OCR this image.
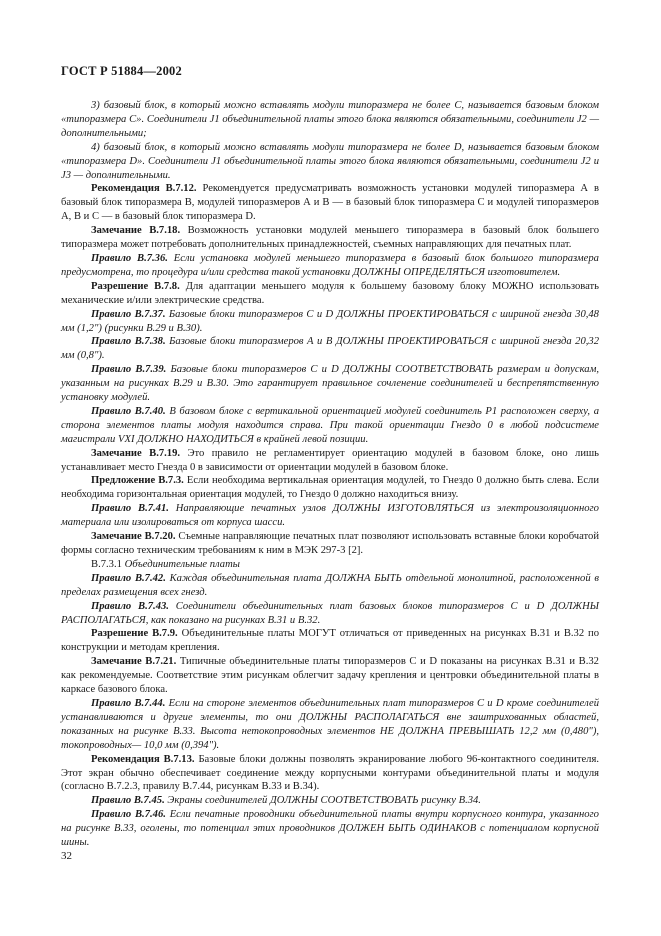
ГОСТ Р 51884—2002

3) базовый блок, в который можно вставлять модули типоразмера не более С, называется базовым блоком «типоразмера С». Соединители J1 объединительной платы этого блока являются обязательными, соединители J2 — дополнительными;

4) базовый блок, в который можно вставлять модули типоразмера не более D, называется базовым блоком «типоразмера D». Соединители J1 объединительной платы этого блока являются обязательными, соединители J2 и J3 — дополнительными.

Рекомендация В.7.12. Рекомендуется предусматривать возможность установки модулей типоразмера А в базовый блок типоразмера В, модулей типоразмеров А и В — в базовый блок типоразмера С и модулей типоразмеров А, В и С — в базовый блок типоразмера D.

Замечание В.7.18. Возможность установки модулей меньшего типоразмера в базовый блок большего типоразмера может потребовать дополнительных принадлежностей, съемных направляющих для печатных плат.

Правило В.7.36. Если установка модулей меньшего типоразмера в базовый блок большого типоразмера предусмотрена, то процедура и/или средства такой установки ДОЛЖНЫ ОПРЕДЕЛЯТЬСЯ изготовителем.

Разрешение В.7.8. Для адаптации меньшего модуля к большему базовому блоку МОЖНО использовать механические и/или электрические средства.

Правило В.7.37. Базовые блоки типоразмеров С и D ДОЛЖНЫ ПРОЕКТИРОВАТЬСЯ с шириной гнезда 30,48 мм (1,2") (рисунки В.29 и В.30).

Правило В.7.38. Базовые блоки типоразмеров А и В ДОЛЖНЫ ПРОЕКТИРОВАТЬСЯ с шириной гнезда 20,32 мм (0,8").

Правило В.7.39. Базовые блоки типоразмеров С и D ДОЛЖНЫ СООТВЕТСТВОВАТЬ размерам и допускам, указанным на рисунках В.29 и В.30. Это гарантирует правильное сочленение соединителей и беспрепятственную установку модулей.

Правило В.7.40. В базовом блоке с вертикальной ориентацией модулей соединитель Р1 расположен сверху, а сторона элементов платы модуля находится справа. При такой ориентации Гнездо 0 в любой подсистеме магистрали VXI ДОЛЖНО НАХОДИТЬСЯ в крайней левой позиции.

Замечание В.7.19. Это правило не регламентирует ориентацию модулей в базовом блоке, оно лишь устанавливает место Гнезда 0 в зависимости от ориентации модулей в базовом блоке.

Предложение В.7.3. Если необходима вертикальная ориентация модулей, то Гнездо 0 должно быть слева. Если необходима горизонтальная ориентация модулей, то Гнездо 0 должно находиться внизу.

Правило В.7.41. Направляющие печатных узлов ДОЛЖНЫ ИЗГОТОВЛЯТЬСЯ из электроизоляционного материала или изолироваться от корпуса шасси.

Замечание В.7.20. Съемные направляющие печатных плат позволяют использовать вставные блоки коробчатой формы согласно техническим требованиям к ним в МЭК 297-3 [2].

В.7.3.1 Объединительные платы

Правило В.7.42. Каждая объединительная плата ДОЛЖНА БЫТЬ отдельной монолитной, расположенной в пределах размещения всех гнезд.

Правило В.7.43. Соединители объединительных плат базовых блоков типоразмеров С и D ДОЛЖНЫ РАСПОЛАГАТЬСЯ, как показано на рисунках В.31 и В.32.

Разрешение В.7.9. Объединительные платы МОГУТ отличаться от приведенных на рисунках В.31 и В.32 по конструкции и методам крепления.

Замечание В.7.21. Типичные объединительные платы типоразмеров С и D показаны на рисунках В.31 и В.32 как рекомендуемые. Соответствие этим рисункам облегчит задачу крепления и центровки объединительной платы в каркасе базового блока.

Правило В.7.44. Если на стороне элементов объединительных плат типоразмеров С и D кроме соединителей устанавливаются и другие элементы, то они ДОЛЖНЫ РАСПОЛАГАТЬСЯ вне заштрихованных областей, показанных на рисунке В.33. Высота нетокопроводных элементов НЕ ДОЛЖНА ПРЕВЫШАТЬ 12,2 мм (0,480"), токопроводных— 10,0 мм (0,394").

Рекомендация В.7.13. Базовые блоки должны позволять экранирование любого 96-контактного соединителя. Этот экран обычно обеспечивает соединение между корпусными контурами объединительной платы и модуля (согласно В.7.2.3, правилу В.7.44, рисункам В.33 и В.34).

Правило В.7.45. Экраны соединителей ДОЛЖНЫ СООТВЕТСТВОВАТЬ рисунку В.34.

Правило В.7.46. Если печатные проводники объединительной платы внутри корпусного контура, указанного на рисунке В.33, оголены, то потенциал этих проводников ДОЛЖЕН БЫТЬ ОДИНАКОВ с потенциалом корпусной шины.

32
